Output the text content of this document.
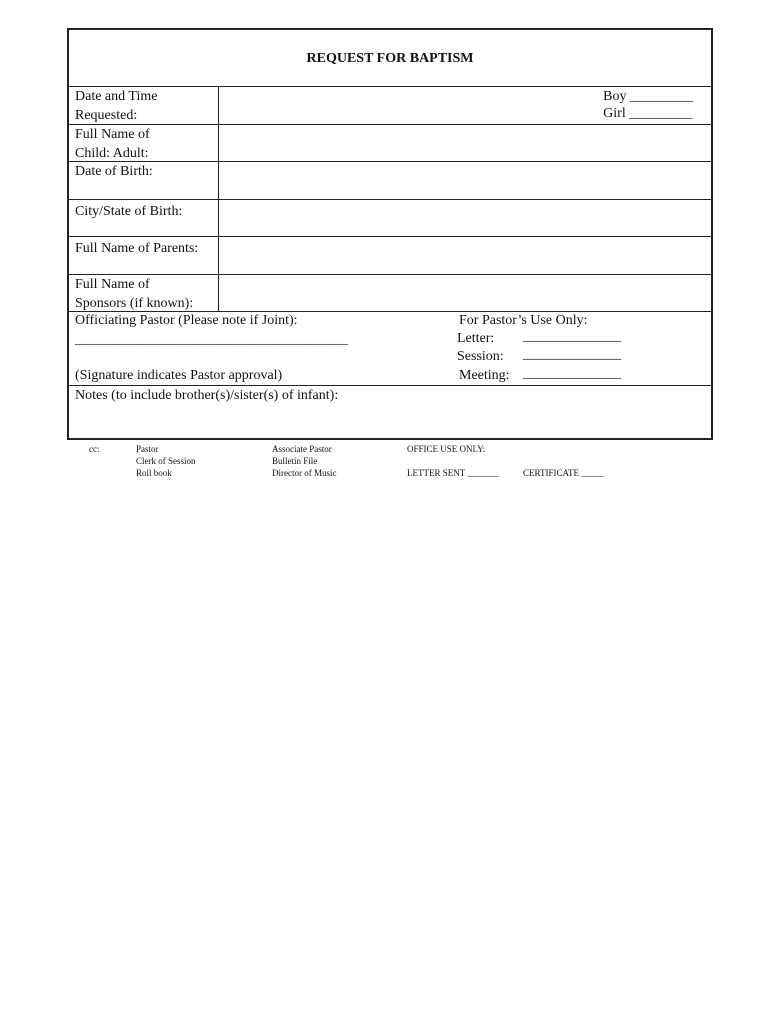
REQUEST FOR BAPTISM
Date and Time
Requested:
Boy _________
Girl _________
Full Name of
Child: Adult:
Date of Birth:
City/State of Birth:
Full Name of Parents:
Full Name of
Sponsors (if known):
Officiating Pastor (Please note if Joint):
____________________________________________
(Signature indicates Pastor approval)
For Pastor’s Use Only:
Letter: ______________
Session: ______________
Meeting: ______________
Notes (to include brother(s)/sister(s) of infant):
cc:	Pastor
Clerk of Session
Roll book
Associate Pastor
Bulletin File
Director of Music
OFFICE USE ONLY:
LETTER SENT _______	CERTIFICATE _____
